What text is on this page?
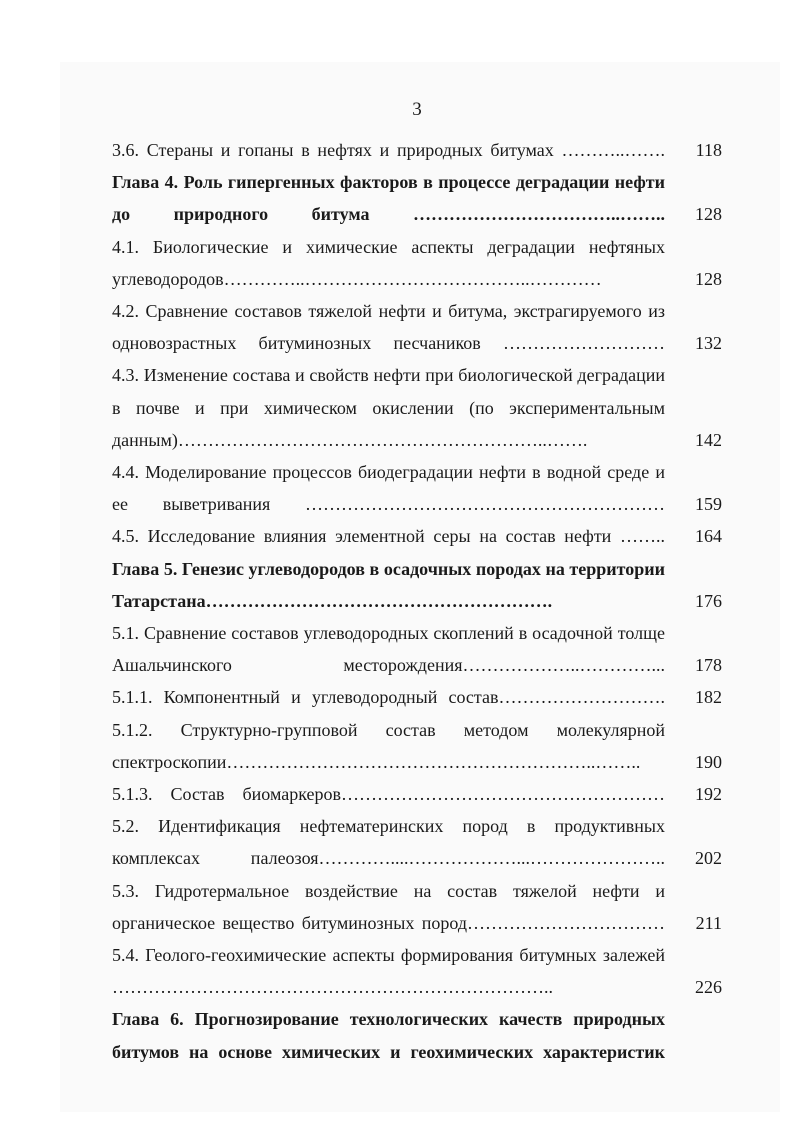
3
3.6. Стераны и гопаны в нефтях и природных битумах ………..…….	118
Глава 4. Роль гипергенных факторов в процессе деградации нефти до природного битума ……………………………..……..	128
4.1. Биологические и химические аспекты деградации нефтяных углеводородов…………..………………………………..…………	128
4.2. Сравнение составов тяжелой нефти и битума, экстрагируемого из одновозрастных битуминозных песчаников ………………………	132
4.3. Изменение состава и свойств нефти при биологической деградации в почве и при химическом окислении (по экспериментальным данным)……………………………………………………..…….	142
4.4. Моделирование процессов биодеградации нефти в водной среде и ее выветривания ……………………………………………………	159
4.5. Исследование влияния элементной серы на состав нефти ……..	164
Глава 5. Генезис углеводородов в осадочных породах на территории Татарстана………………………………………………….	176
5.1. Сравнение составов углеводородных скоплений в осадочной толще Ашальчинского месторождения………………..…………...	178
5.1.1. Компонентный и углеводородный состав……………………….	182
5.1.2. Структурно-групповой состав методом молекулярной спектроскопии……………………………………………………..……..	190
5.1.3. Состав биомаркеров………………………………………………	192
5.2. Идентификация нефтематеринских пород в продуктивных комплексах палеозоя…………....………………...…………………..	202
5.3. Гидротермальное воздействие на состав тяжелой нефти и органическое вещество битуминозных пород……………………………	211
5.4. Геолого-геохимические аспекты формирования битумных залежей ………………………………………………………………..	226
Глава 6. Прогнозирование технологических качеств природных битумов на основе химических и геохимических характеристик
